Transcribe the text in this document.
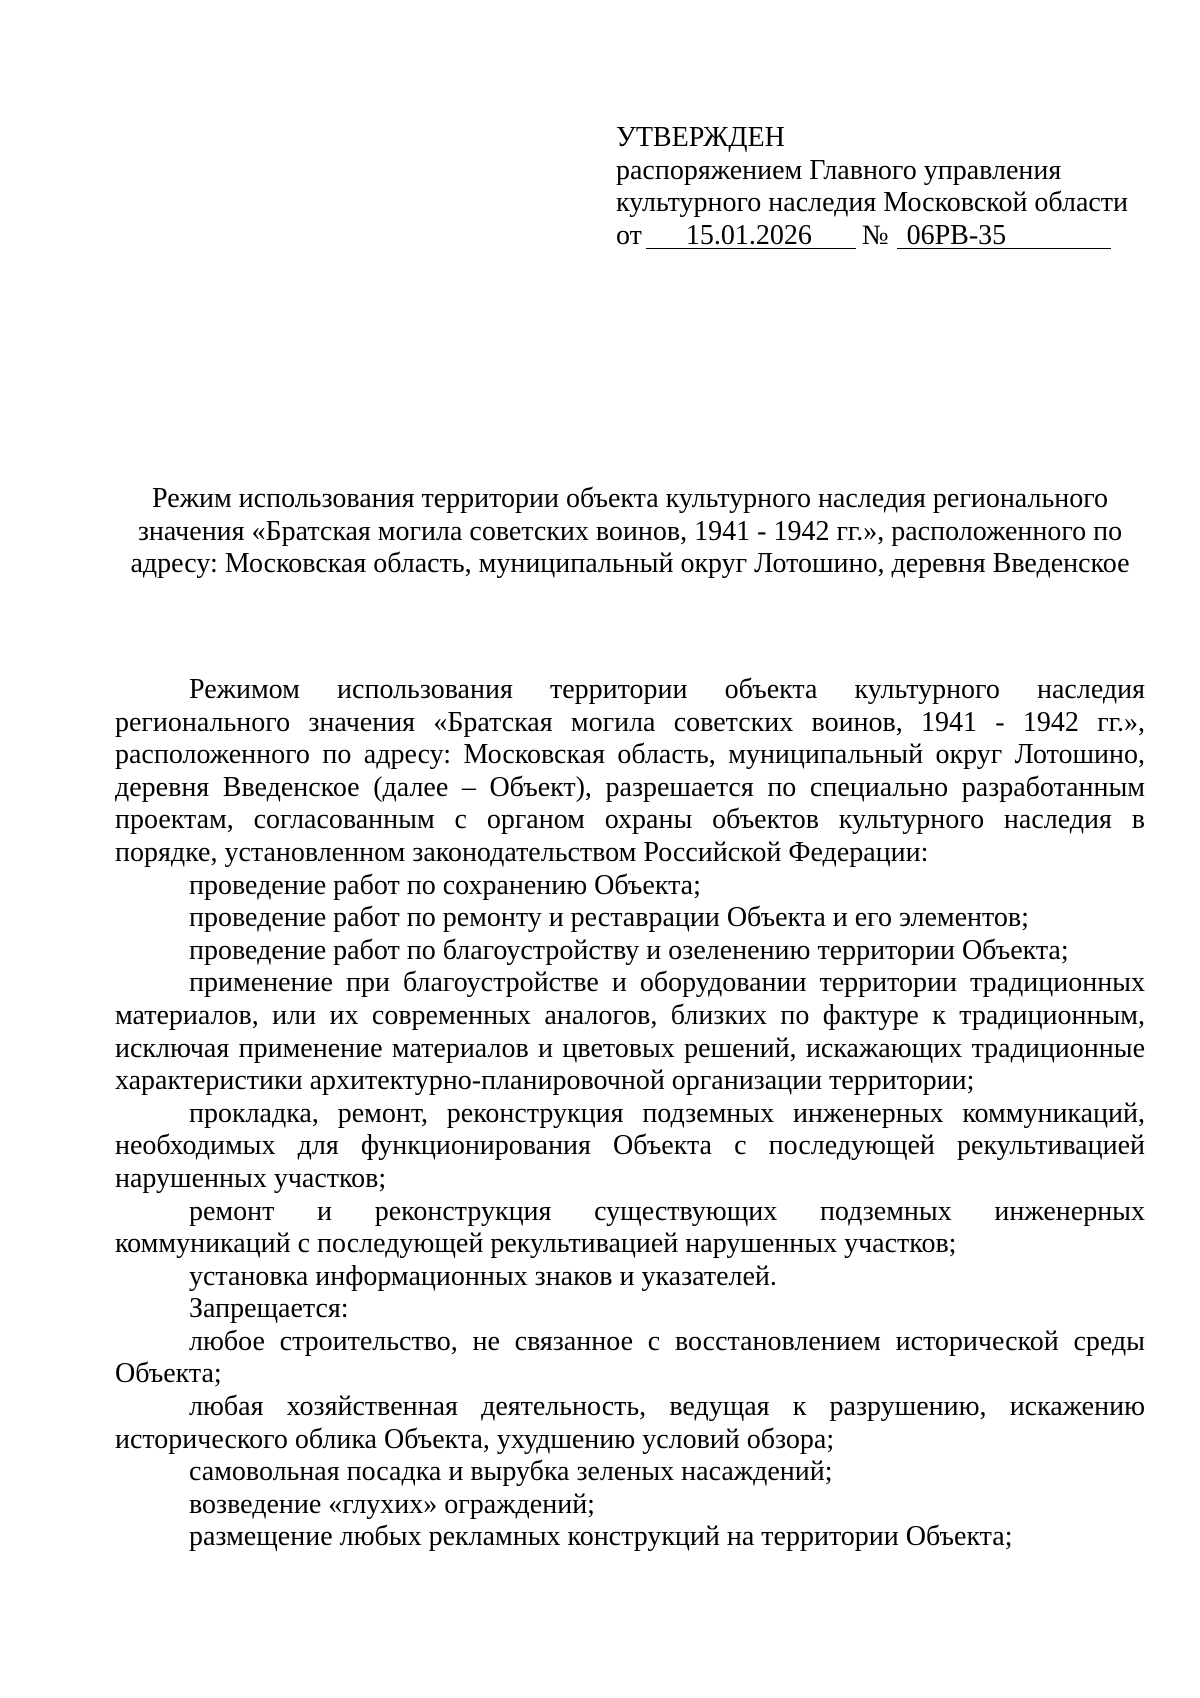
УТВЕРЖДЕН
распоряжением Главного управления
культурного наследия Московской области
от	15.01.2026	№ 06РВ-35
Режим использования территории объекта культурного наследия регионального
значения «Братская могила советских воинов, 1941 - 1942 гг.», расположенного по
адресу: Московская область, муниципальный округ Лотошино, деревня Введенское

Режимом использования территории объекта культурного наследия регионального значения «Братская могила советских воинов, 1941 - 1942 гг.», расположенного по адресу: Московская область, муниципальный округ Лотошино, деревня Введенское (далее – Объект), разрешается по специально разработанным проектам, согласованным с органом охраны объектов культурного наследия в порядке, установленном законодательством Российской Федерации:

проведение работ по сохранению Объекта;

проведение работ по ремонту и реставрации Объекта и его элементов;

проведение работ по благоустройству и озеленению территории Объекта;

применение при благоустройстве и оборудовании территории традиционных материалов, или их современных аналогов, близких по фактуре к традиционным, исключая применение материалов и цветовых решений, искажающих традиционные характеристики архитектурно-планировочной организации территории;

прокладка, ремонт, реконструкция подземных инженерных коммуникаций, необходимых для функционирования Объекта с последующей рекультивацией нарушенных участков;

ремонт и реконструкция существующих подземных инженерных коммуникаций с последующей рекультивацией нарушенных участков;

установка информационных знаков и указателей.

Запрещается:

любое строительство, не связанное с восстановлением исторической среды Объекта;

любая хозяйственная деятельность, ведущая к разрушению, искажению исторического облика Объекта, ухудшению условий обзора;

самовольная посадка и вырубка зеленых насаждений;

возведение «глухих» ограждений;

размещение любых рекламных конструкций на территории Объекта;
